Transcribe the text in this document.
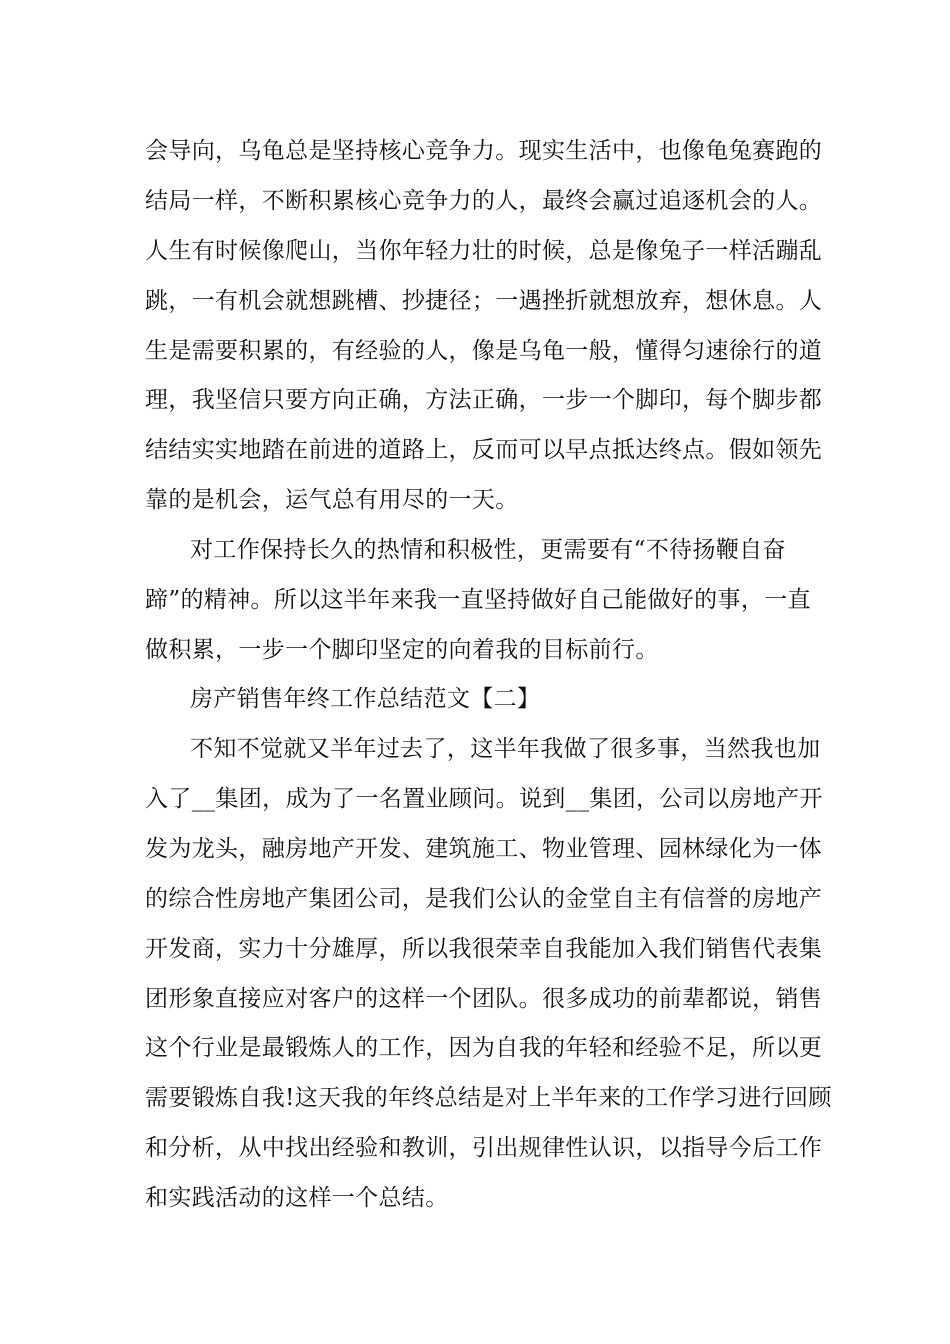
会导向，乌龟总是坚持核心竞争力。现实生活中，也像龟兔赛跑的
结局一样，不断积累核心竞争力的人，最终会赢过追逐机会的人。
人生有时候像爬山，当你年轻力壮的时候，总是像兔子一样活蹦乱
跳，一有机会就想跳槽、抄捷径；一遇挫折就想放弃，想休息。人
生是需要积累的，有经验的人，像是乌龟一般，懂得匀速徐行的道
理，我坚信只要方向正确，方法正确，一步一个脚印，每个脚步都
结结实实地踏在前进的道路上，反而可以早点抵达终点。假如领先
靠的是机会，运气总有用尽的一天。
对工作保持长久的热情和积极性，更需要有“不待扬鞭自奋
蹄”的精神。所以这半年来我一直坚持做好自己能做好的事，一直
做积累，一步一个脚印坚定的向着我的目标前行。
房产销售年终工作总结范文【二】
不知不觉就又半年过去了，这半年我做了很多事，当然我也加
入了__集团，成为了一名置业顾问。说到__集团，公司以房地产开
发为龙头，融房地产开发、建筑施工、物业管理、园林绿化为一体
的综合性房地产集团公司，是我们公认的金堂自主有信誉的房地产
开发商，实力十分雄厚，所以我很荣幸自我能加入我们销售代表集
团形象直接应对客户的这样一个团队。很多成功的前辈都说，销售
这个行业是最锻炼人的工作，因为自我的年轻和经验不足，所以更
需要锻炼自我!这天我的年终总结是对上半年来的工作学习进行回顾
和分析，从中找出经验和教训，引出规律性认识，以指导今后工作
和实践活动的这样一个总结。
